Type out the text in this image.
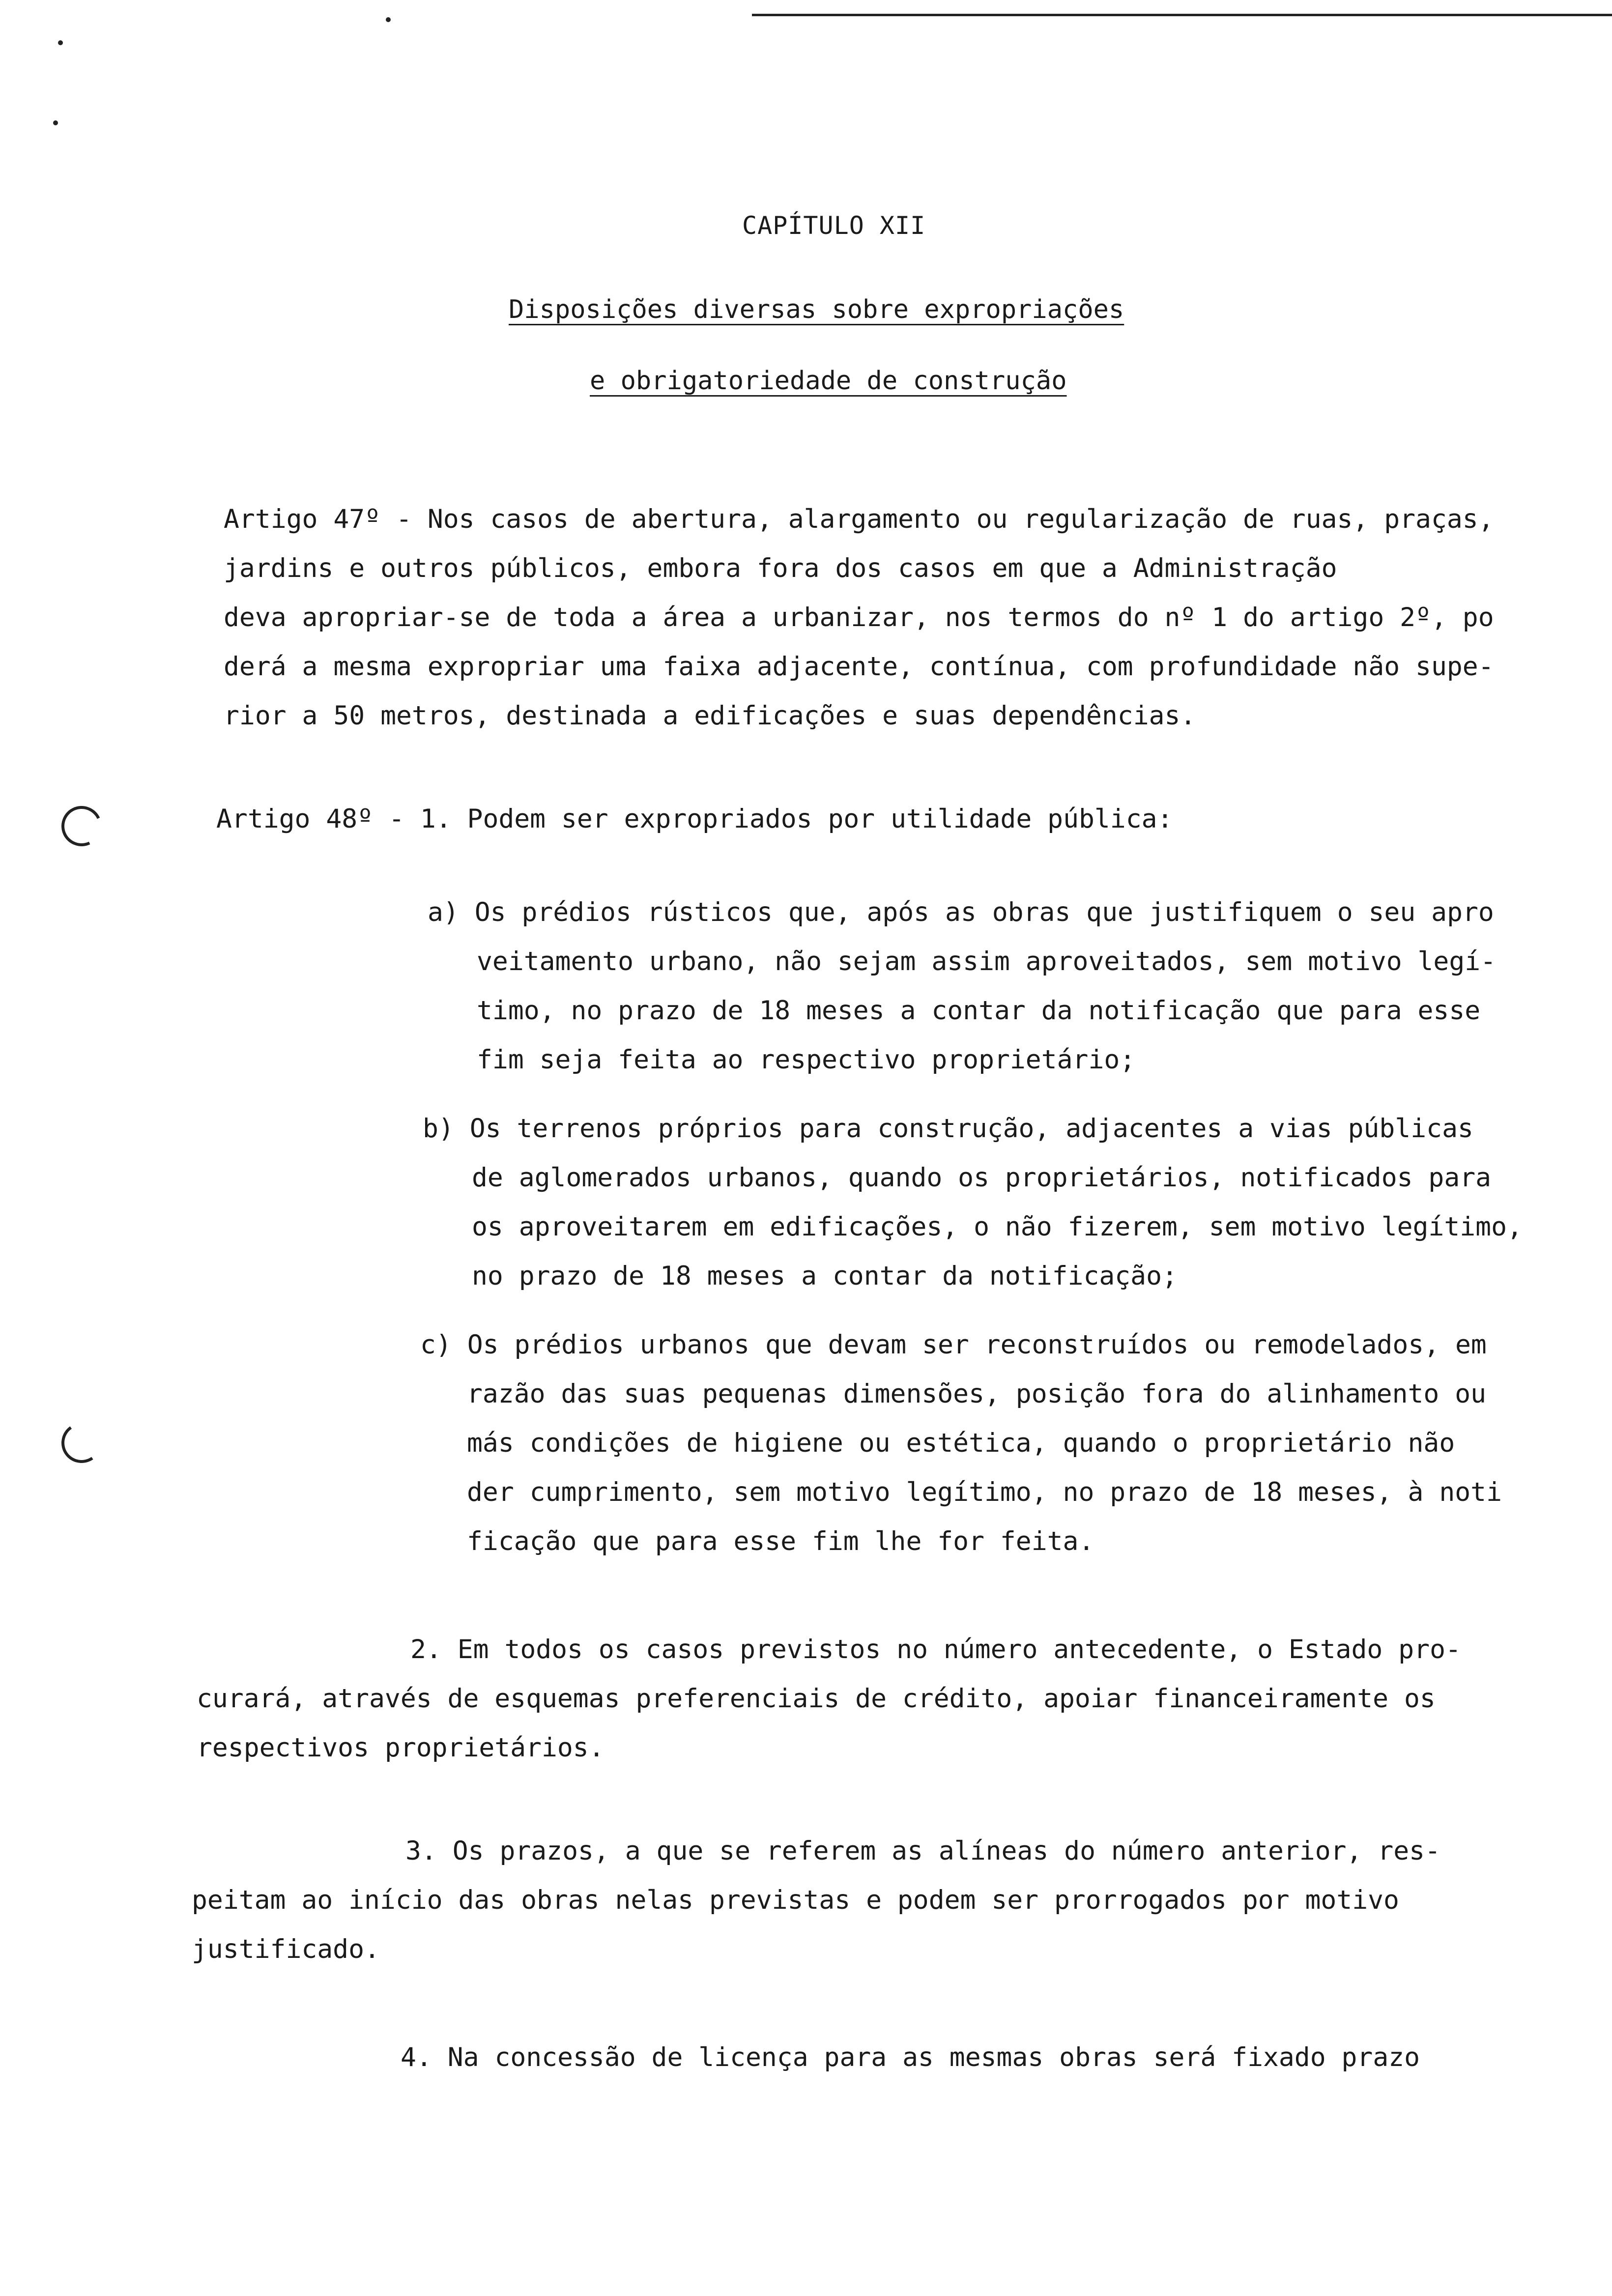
CAPÍTULO XII
Disposições diversas sobre expropriações
e obrigatoriedade de construção
Artigo 47º - Nos casos de abertura, alargamento ou regularização de ruas, praças,
jardins e outros públicos, embora fora dos casos em que a Administração
deva apropriar-se de toda a área a urbanizar, nos termos do nº 1 do artigo 2º, po
derá a mesma expropriar uma faixa adjacente, contínua, com profundidade não supe-
rior a 50 metros, destinada a edificações e suas dependências.
Artigo 48º - 1. Podem ser expropriados por utilidade pública:
a) Os prédios rústicos que, após as obras que justifiquem o seu apro
veitamento urbano, não sejam assim aproveitados, sem motivo legí-
timo, no prazo de 18 meses a contar da notificação que para esse
fim seja feita ao respectivo proprietário;
b) Os terrenos próprios para construção, adjacentes a vias públicas
de aglomerados urbanos, quando os proprietários, notificados para
os aproveitarem em edificações, o não fizerem, sem motivo legítimo,
no prazo de 18 meses a contar da notificação;
c) Os prédios urbanos que devam ser reconstruídos ou remodelados, em
razão das suas pequenas dimensões, posição fora do alinhamento ou
más condições de higiene ou estética, quando o proprietário não
der cumprimento, sem motivo legítimo, no prazo de 18 meses, à noti
ficação que para esse fim lhe for feita.
2. Em todos os casos previstos no número antecedente, o Estado pro-
curará, através de esquemas preferenciais de crédito, apoiar financeiramente os
respectivos proprietários.
3. Os prazos, a que se referem as alíneas do número anterior, res-
peitam ao início das obras nelas previstas e podem ser prorrogados por motivo
justificado.
4. Na concessão de licença para as mesmas obras será fixado prazo
